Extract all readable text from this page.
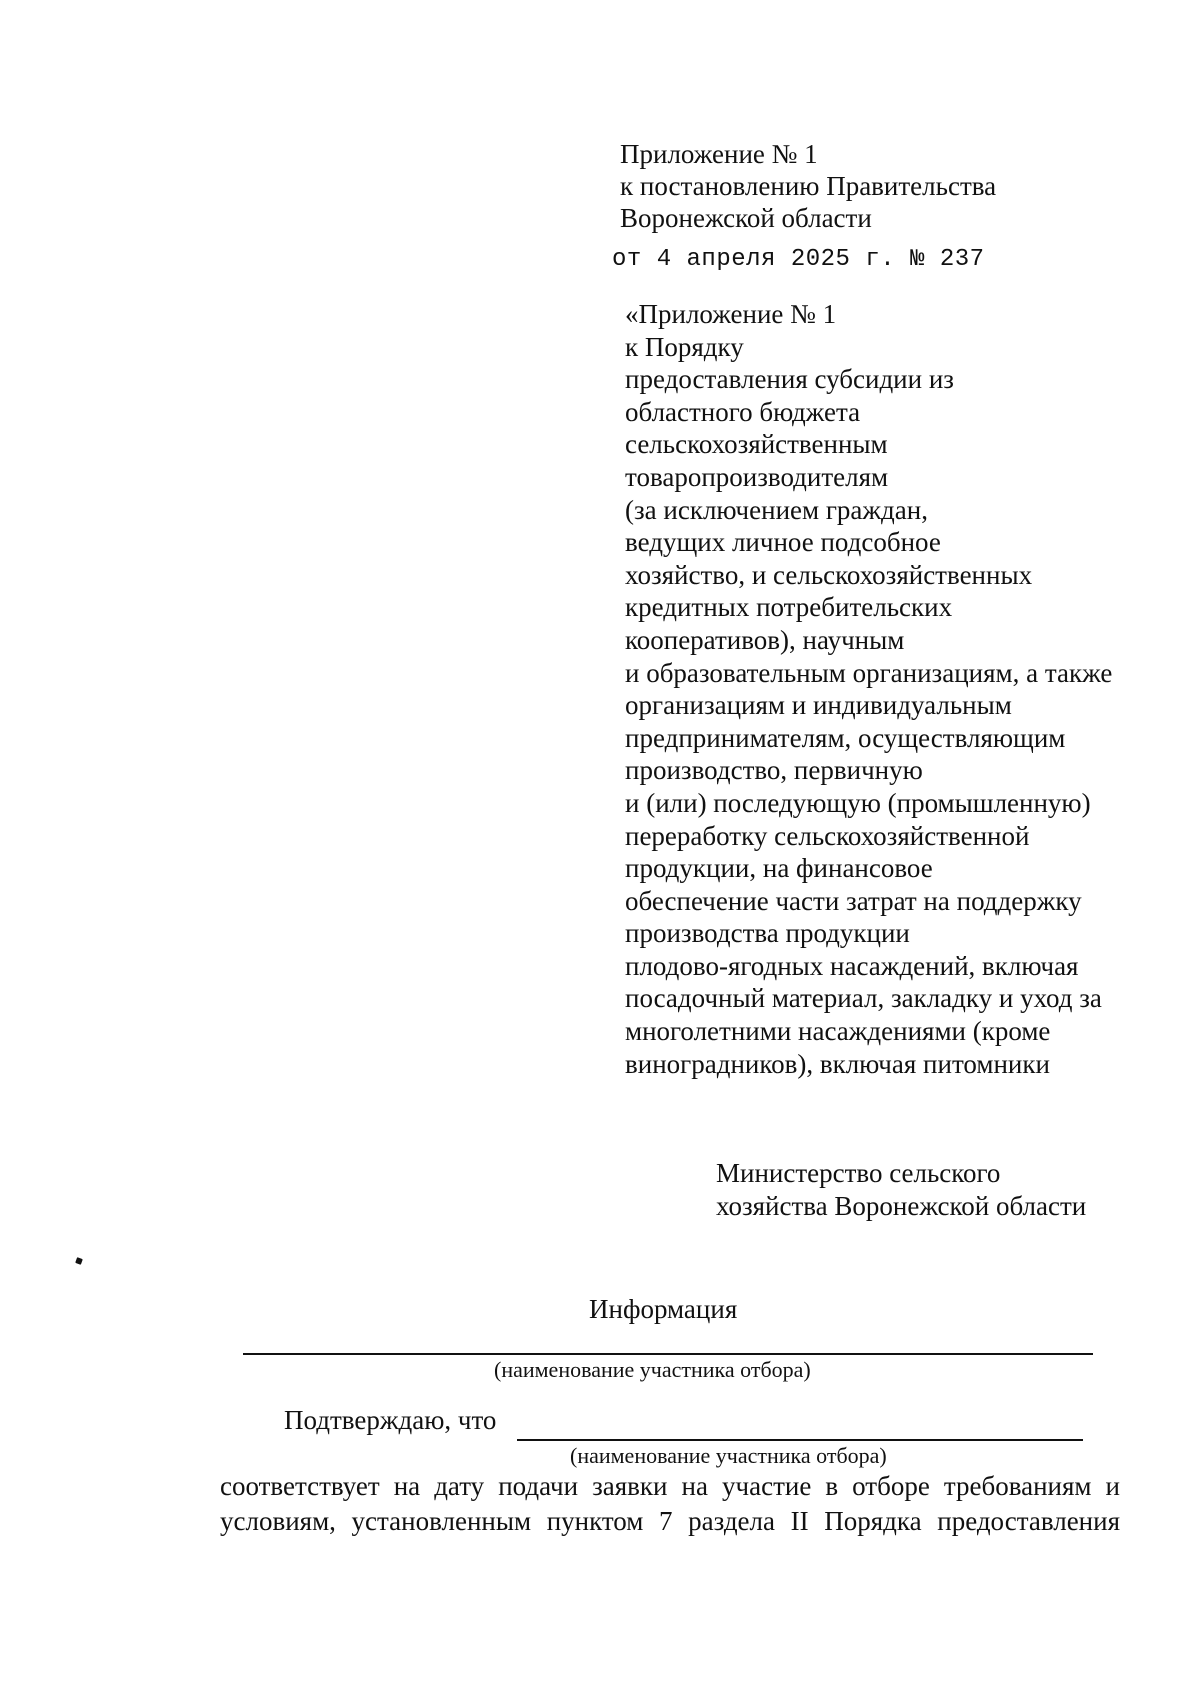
Приложение № 1
к постановлению Правительства
Воронежской области
от 4 апреля 2025 г. № 237
«Приложение № 1
к Порядку
предоставления субсидии из
областного бюджета
сельскохозяйственным
товаропроизводителям
(за исключением граждан,
ведущих личное подсобное
хозяйство, и сельскохозяйственных
кредитных потребительских
кооперативов), научным
и образовательным организациям, а также
организациям и индивидуальным
предпринимателям, осуществляющим
производство, первичную
и (или) последующую (промышленную)
переработку сельскохозяйственной
продукции, на финансовое
обеспечение части затрат на поддержку
производства продукции
плодово-ягодных насаждений, включая
посадочный материал, закладку и уход за
многолетними насаждениями (кроме
виноградников), включая питомники
Министерство сельского
хозяйства Воронежской области
Информация
(наименование участника отбора)
Подтверждаю, что
(наименование участника отбора)
соответствует на дату подачи заявки на участие в отборе требованиям и
условиям, установленным пунктом 7 раздела II Порядка предоставления
